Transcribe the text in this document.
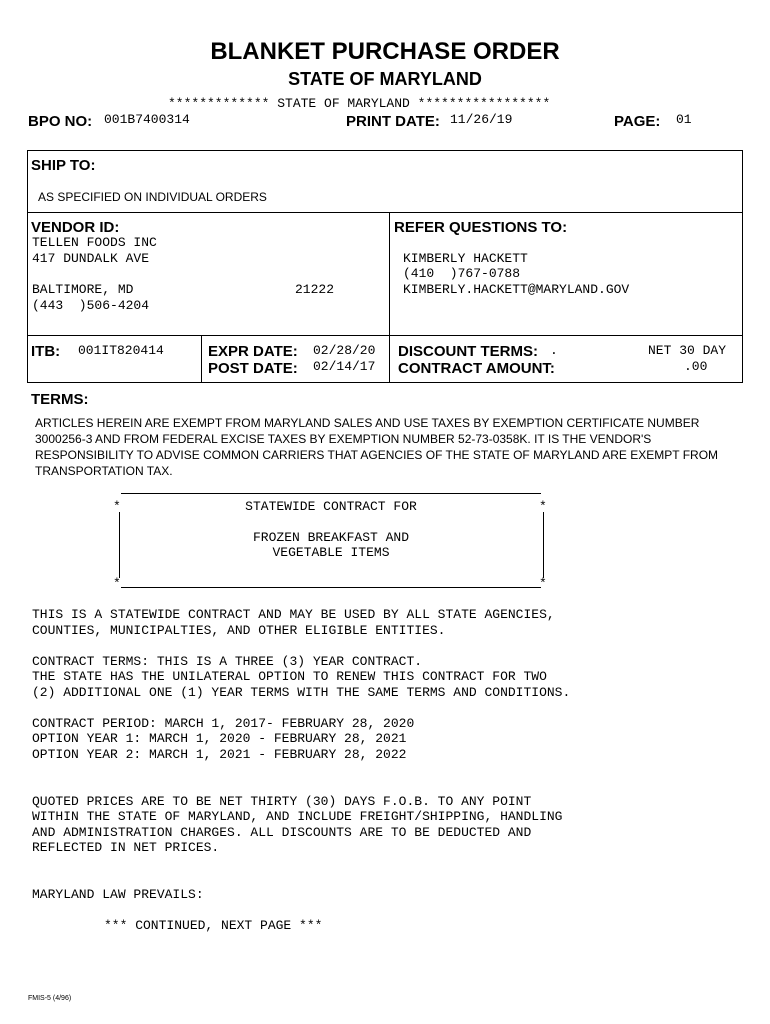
BLANKET PURCHASE ORDER
STATE OF MARYLAND
************* STATE OF MARYLAND *****************
BPO NO: 001B7400314	PRINT DATE: 11/26/19	PAGE: 01
SHIP TO:
AS SPECIFIED ON INDIVIDUAL ORDERS
VENDOR ID:
TELLEN FOODS INC
417 DUNDALK AVE
BALTIMORE, MD	21222
(443  )506-4204
REFER QUESTIONS TO:
KIMBERLY HACKETT
(410  )767-0788
KIMBERLY.HACKETT@MARYLAND.GOV
ITB: 001IT820414	EXPR DATE: 02/28/20
POST DATE: 02/14/17
DISCOUNT TERMS: .	NET 30 DAY
CONTRACT AMOUNT:	.00
TERMS:
ARTICLES HEREIN ARE EXEMPT FROM MARYLAND SALES AND USE TAXES BY EXEMPTION CERTIFICATE NUMBER 3000256-3 AND FROM FEDERAL EXCISE TAXES BY EXEMPTION NUMBER 52-73-0358K. IT IS THE VENDOR'S RESPONSIBILITY TO ADVISE COMMON CARRIERS THAT AGENCIES OF THE STATE OF MARYLAND ARE EXEMPT FROM TRANSPORTATION TAX.
*	*
*	*
STATEWIDE CONTRACT FOR
FROZEN BREAKFAST AND
VEGETABLE ITEMS
THIS IS A STATEWIDE CONTRACT AND MAY BE USED BY ALL STATE AGENCIES,
COUNTIES, MUNICIPALTIES, AND OTHER ELIGIBLE ENTITIES.
CONTRACT TERMS: THIS IS A THREE (3) YEAR CONTRACT.
THE STATE HAS THE UNILATERAL OPTION TO RENEW THIS CONTRACT FOR TWO
(2) ADDITIONAL ONE (1) YEAR TERMS WITH THE SAME TERMS AND CONDITIONS.
CONTRACT PERIOD: MARCH 1, 2017- FEBRUARY 28, 2020
OPTION YEAR 1: MARCH 1, 2020 - FEBRUARY 28, 2021
OPTION YEAR 2: MARCH 1, 2021 - FEBRUARY 28, 2022
QUOTED PRICES ARE TO BE NET THIRTY (30) DAYS F.O.B. TO ANY POINT
WITHIN THE STATE OF MARYLAND, AND INCLUDE FREIGHT/SHIPPING, HANDLING
AND ADMINISTRATION CHARGES. ALL DISCOUNTS ARE TO BE DEDUCTED AND
REFLECTED IN NET PRICES.
MARYLAND LAW PREVAILS:
*** CONTINUED, NEXT PAGE ***
FMIS-5 (4/96)
